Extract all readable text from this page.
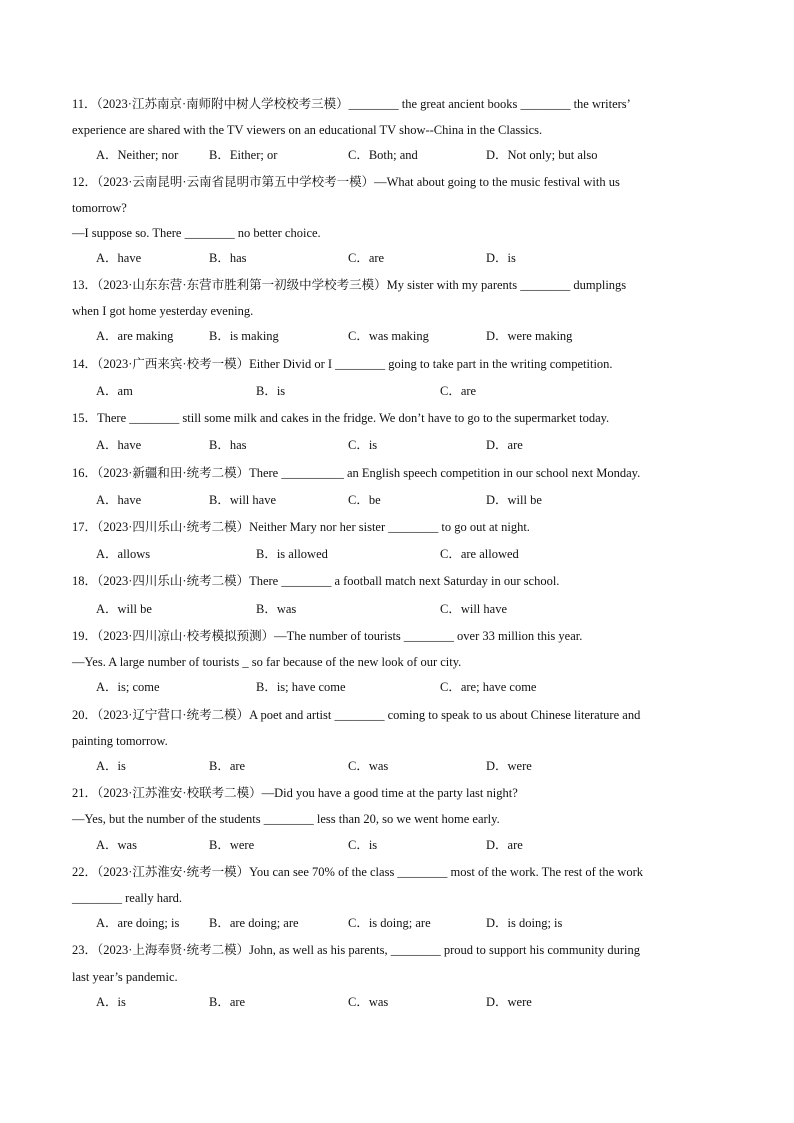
11．（2023·江苏南京·南师附中树人学校校考三模）________ the great ancient books ________ the writers’
experience are shared with the TV viewers on an educational TV show--China in the Classics.
A．Neither; nor B．Either; or	C．Both; and	D．Not only; but also
12．（2023·云南昆明·云南省昆明市第五中学校考一模）—What about going to the music festival with us
tomorrow?
—I suppose so. There ________ no better choice.
A．have	B．has	C．are	D．is
13．（2023·山东东营·东营市胜利第一初级中学校考三模）My sister with my parents ________ dumplings
when I got home yesterday evening.
A．are making	B．is making	C．was making	D．were making
14．（2023·广西来宾·校考一模）Either Divid or I ________ going to take part in the writing competition.
A．am	B．is	C．are
15．There ________ still some milk and cakes in the fridge. We don’t have to go to the supermarket today.
A．have	B．has	C．is	D．are
16．（2023·新疆和田·统考二模）There __________ an English speech competition in our school next Monday.
A．have	B．will have	C．be	D．will be
17．（2023·四川乐山·统考二模）Neither Mary nor her sister ________ to go out at night.
A．allows	B．is allowed	C．are allowed
18．（2023·四川乐山·统考二模）There ________ a football match next Saturday in our school.
A．will be	B．was	C．will have
19．（2023·四川凉山·校考模拟预测）—The number of tourists ________ over 33 million this year.
—Yes. A large number of tourists _ so far because of the new look of our city.
A．is; come	B．is; have come	C．are; have come
20．（2023·辽宁营口·统考二模）A poet and artist ________ coming to speak to us about Chinese literature and
painting tomorrow.
A．is	B．are	C．was	D．were
21．（2023·江苏淮安·校联考二模）—Did you have a good time at the party last night?
—Yes, but the number of the students ________ less than 20, so we went home early.
A．was	B．were	C．is	D．are
22．（2023·江苏淮安·统考一模）You can see 70% of the class ________ most of the work. The rest of the work
________ really hard.
A．are doing; is B．are doing; are	C．is doing; are	D．is doing; is
23．（2023·上海奉贤·统考二模）John, as well as his parents, ________ proud to support his community during
last year’s pandemic.
A．is	B．are	C．was	D．were
